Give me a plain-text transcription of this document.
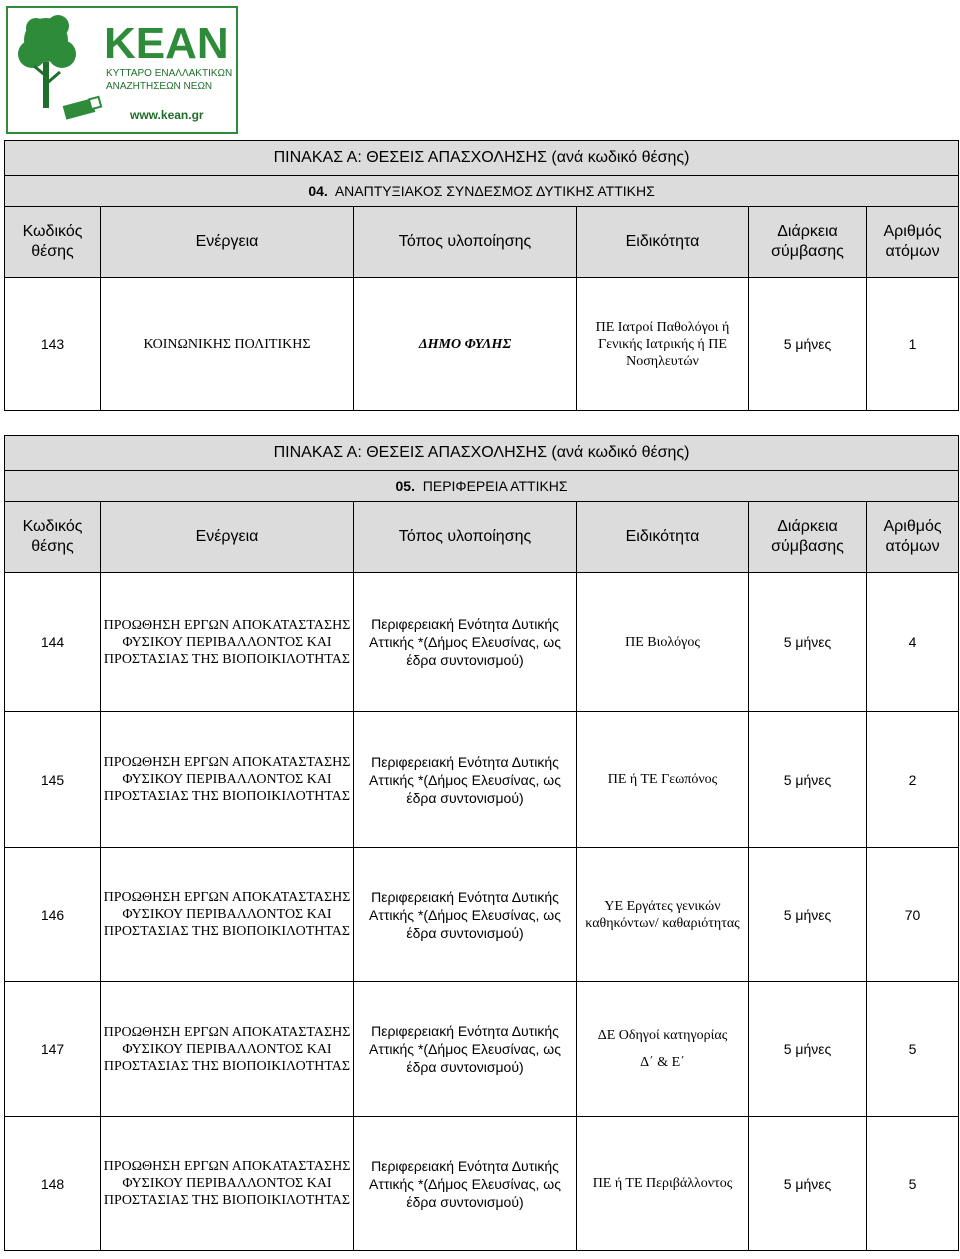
ΚΕΑΝ
ΚΥΤΤΑΡΟ ΕΝΑΛΛΑΚΤΙΚΩΝ
ΑΝΑΖΗΤΗΣΕΩΝ ΝΕΩΝ
www.kean.gr
ΠΙΝΑΚΑΣ Α: ΘΕΣΕΙΣ ΑΠΑΣΧΟΛΗΣΗΣ (ανά κωδικό θέσης)					
04. ΑΝΑΠΤΥΞΙΑΚΟΣ ΣΥΝΔΕΣΜΟΣ ΔΥΤΙΚΗΣ ΑΤΤΙΚΗΣ					
Κωδικός θέσης	Ενέργεια	Τόπος υλοποίησης	Ειδικότητα	Διάρκεια σύμβασης	Αριθμός ατόμων
143	ΚΟΙΝΩΝΙΚΗΣ ΠΟΛΙΤΙΚΗΣ	ΔΗΜΟ ΦΥΛΗΣ	ΠΕ Ιατροί Παθολόγοι ή Γενικής Ιατρικής ή ΠΕ Νοσηλευτών	5 μήνες	1
ΠΙΝΑΚΑΣ Α: ΘΕΣΕΙΣ ΑΠΑΣΧΟΛΗΣΗΣ (ανά κωδικό θέσης)					
05. ΠΕΡΙΦΕΡΕΙΑ ΑΤΤΙΚΗΣ					
Κωδικός θέσης	Ενέργεια	Τόπος υλοποίησης	Ειδικότητα	Διάρκεια σύμβασης	Αριθμός ατόμων
144	ΠΡΟΩΘΗΣΗ ΕΡΓΩΝ ΑΠΟΚΑΤΑΣΤΑΣΗΣ ΦΥΣΙΚΟΥ ΠΕΡΙΒΑΛΛΟΝΤΟΣ ΚΑΙ ΠΡΟΣΤΑΣΙΑΣ ΤΗΣ ΒΙΟΠΟΙΚΙΛΟΤΗΤΑΣ	Περιφερειακή Ενότητα Δυτικής Αττικής *(Δήμος Ελευσίνας, ως έδρα συντονισμού)	ΠΕ Βιολόγος	5 μήνες	4
145	ΠΡΟΩΘΗΣΗ ΕΡΓΩΝ ΑΠΟΚΑΤΑΣΤΑΣΗΣ ΦΥΣΙΚΟΥ ΠΕΡΙΒΑΛΛΟΝΤΟΣ ΚΑΙ ΠΡΟΣΤΑΣΙΑΣ ΤΗΣ ΒΙΟΠΟΙΚΙΛΟΤΗΤΑΣ	Περιφερειακή Ενότητα Δυτικής Αττικής *(Δήμος Ελευσίνας, ως έδρα συντονισμού)	ΠΕ ή ΤΕ Γεωπόνος	5 μήνες	2
146	ΠΡΟΩΘΗΣΗ ΕΡΓΩΝ ΑΠΟΚΑΤΑΣΤΑΣΗΣ ΦΥΣΙΚΟΥ ΠΕΡΙΒΑΛΛΟΝΤΟΣ ΚΑΙ ΠΡΟΣΤΑΣΙΑΣ ΤΗΣ ΒΙΟΠΟΙΚΙΛΟΤΗΤΑΣ	Περιφερειακή Ενότητα Δυτικής Αττικής *(Δήμος Ελευσίνας, ως έδρα συντονισμού)	ΥΕ Εργάτες γενικών καθηκόντων/ καθαριότητας	5 μήνες	70
147	ΠΡΟΩΘΗΣΗ ΕΡΓΩΝ ΑΠΟΚΑΤΑΣΤΑΣΗΣ ΦΥΣΙΚΟΥ ΠΕΡΙΒΑΛΛΟΝΤΟΣ ΚΑΙ ΠΡΟΣΤΑΣΙΑΣ ΤΗΣ ΒΙΟΠΟΙΚΙΛΟΤΗΤΑΣ	Περιφερειακή Ενότητα Δυτικής Αττικής *(Δήμος Ελευσίνας, ως έδρα συντονισμού)	ΔΕ Οδηγοί κατηγορίας
Δ΄ & Ε΄	5 μήνες	5
148	ΠΡΟΩΘΗΣΗ ΕΡΓΩΝ ΑΠΟΚΑΤΑΣΤΑΣΗΣ ΦΥΣΙΚΟΥ ΠΕΡΙΒΑΛΛΟΝΤΟΣ ΚΑΙ ΠΡΟΣΤΑΣΙΑΣ ΤΗΣ ΒΙΟΠΟΙΚΙΛΟΤΗΤΑΣ	Περιφερειακή Ενότητα Δυτικής Αττικής *(Δήμος Ελευσίνας, ως έδρα συντονισμού)	ΠΕ ή ΤΕ Περιβάλλοντος	5 μήνες	5
